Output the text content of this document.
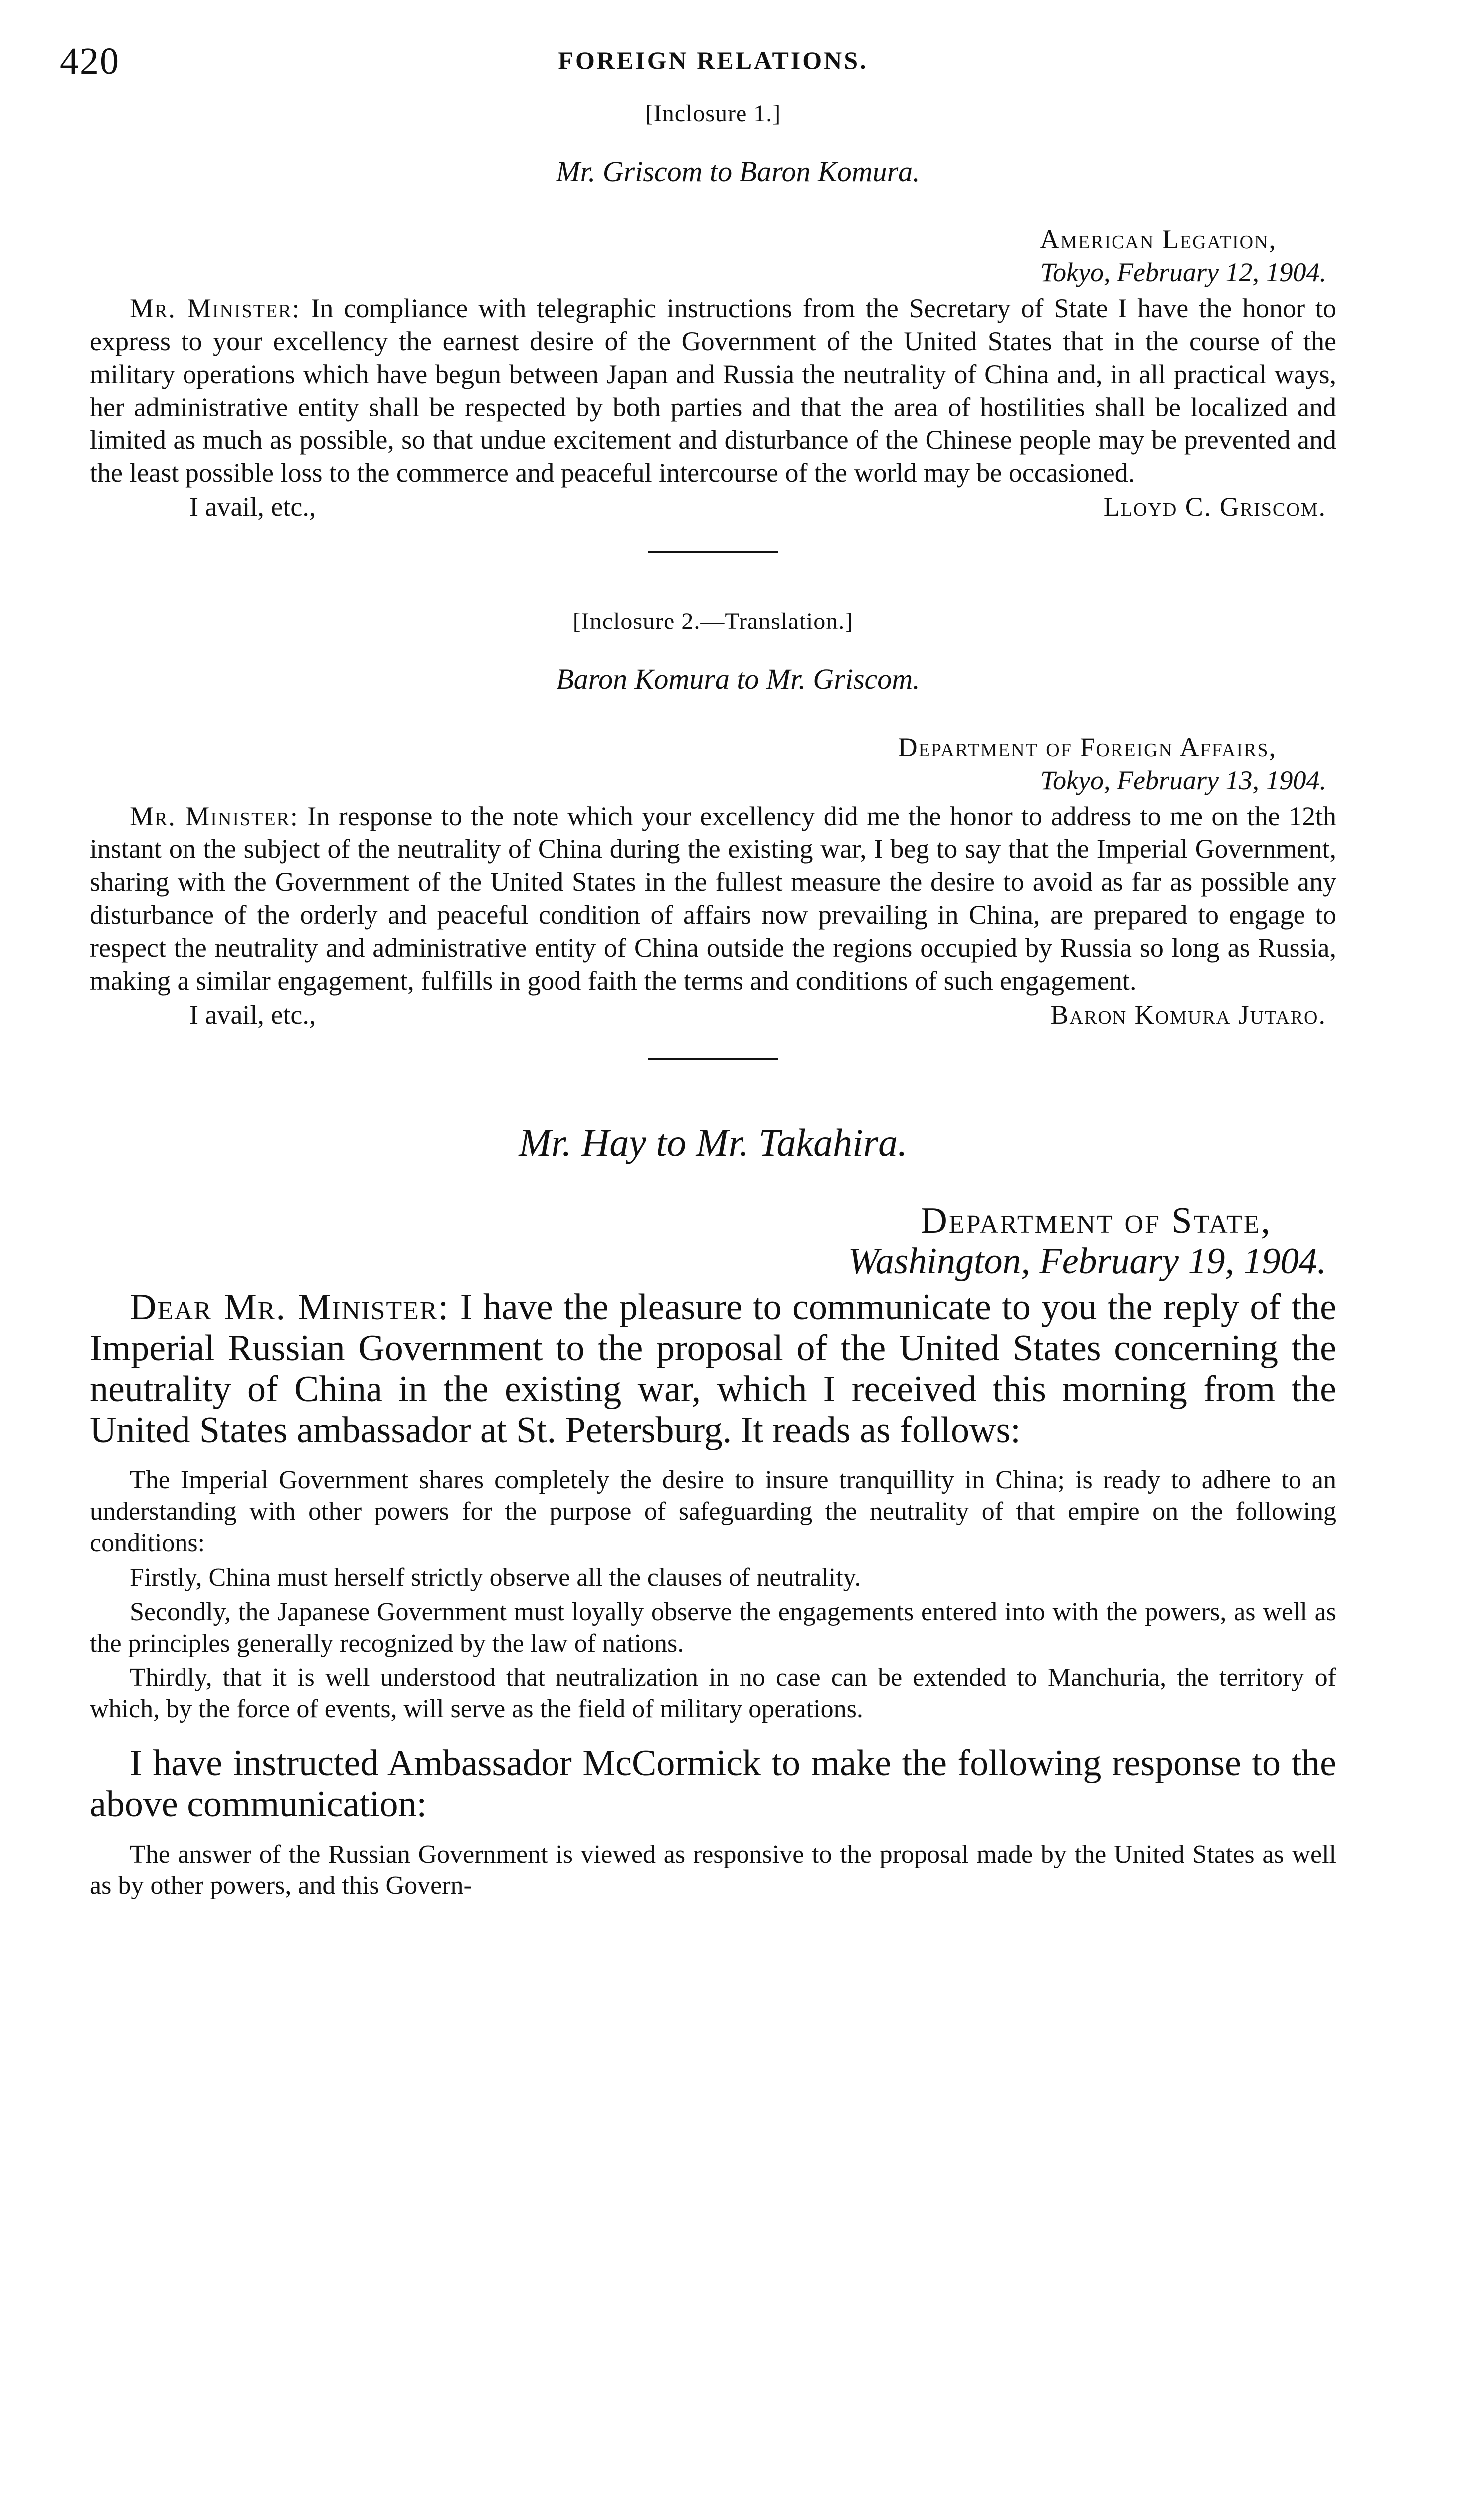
420	FOREIGN RELATIONS.
[Inclosure 1.]
Mr. Griscom to Baron Komura.
American Legation,
Tokyo, February 12, 1904.

Mr. Minister: In compliance with telegraphic instructions from the Secretary of State I have the honor to express to your excellency the earnest desire of the Government of the United States that in the course of the military operations which have begun between Japan and Russia the neutrality of China and, in all practical ways, her administrative entity shall be respected by both parties and that the area of hostilities shall be localized and limited as much as possible, so that undue excitement and disturbance of the Chinese people may be prevented and the least possible loss to the commerce and peaceful intercourse of the world may be occasioned.

I avail, etc.,	Lloyd C. Griscom.
[Inclosure 2.—Translation.]
Baron Komura to Mr. Griscom.
Department of Foreign Affairs,
Tokyo, February 13, 1904.

Mr. Minister: In response to the note which your excellency did me the honor to address to me on the 12th instant on the subject of the neutrality of China during the existing war, I beg to say that the Imperial Government, sharing with the Government of the United States in the fullest measure the desire to avoid as far as possible any disturbance of the orderly and peaceful condition of affairs now prevailing in China, are prepared to engage to respect the neutrality and administrative entity of China outside the regions occupied by Russia so long as Russia, making a similar engagement, fulfills in good faith the terms and conditions of such engagement.

I avail, etc.,	Baron Komura Jutaro.
Mr. Hay to Mr. Takahira.
Department of State,
Washington, February 19, 1904.

Dear Mr. Minister: I have the pleasure to communicate to you the reply of the Imperial Russian Government to the proposal of the United States concerning the neutrality of China in the existing war, which I received this morning from the United States ambassador at St. Petersburg. It reads as follows:

The Imperial Government shares completely the desire to insure tranquillity in China; is ready to adhere to an understanding with other powers for the purpose of safeguarding the neutrality of that empire on the following conditions:

Firstly, China must herself strictly observe all the clauses of neutrality.

Secondly, the Japanese Government must loyally observe the engagements entered into with the powers, as well as the principles generally recognized by the law of nations.

Thirdly, that it is well understood that neutralization in no case can be extended to Manchuria, the territory of which, by the force of events, will serve as the field of military operations.

I have instructed Ambassador McCormick to make the following response to the above communication:

The answer of the Russian Government is viewed as responsive to the proposal made by the United States as well as by other powers, and this Govern-
